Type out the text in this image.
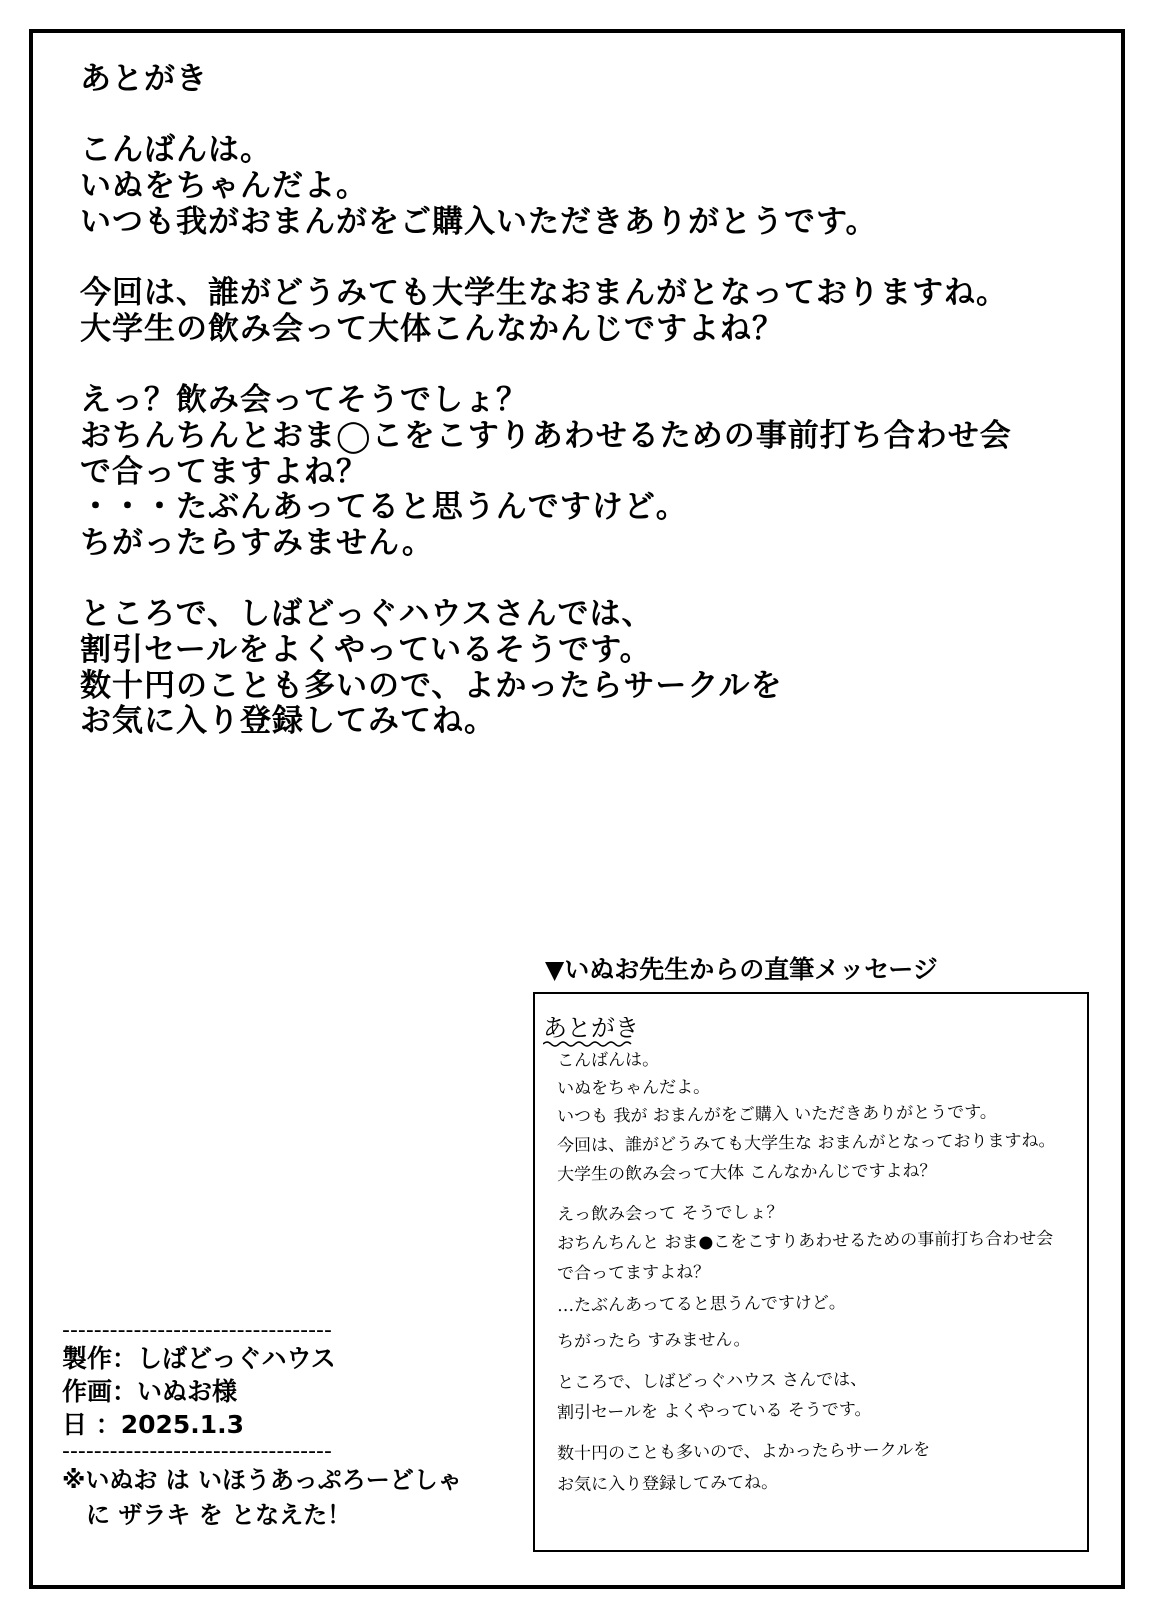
あとがき
こんばんは。
いぬをちゃんだよ。
いつも我がおまんがをご購入いただきありがとうです。
今回は、誰がどうみても大学生なおまんがとなっておりますね。
大学生の飲み会って大体こんなかんじですよね？
えっ？飲み会ってそうでしょ？
おちんちんとおま◯こをこすりあわせるための事前打ち合わせ会
で合ってますよね？
・・・たぶんあってると思うんですけど。
ちがったらすみません。
ところで、しばどっぐハウスさんでは、
割引セールをよくやっているそうです。
数十円のことも多いので、よかったらサークルを
お気に入り登録してみてね。
▼いぬお先生からの直筆メッセージ
あとがき
こんばんは。
いぬをちゃんだよ。
いつも 我が おまんがをご購入 いただきありがとうです。
今回は、誰がどうみても大学生な おまんがとなっておりますね。
大学生の飲み会って大体 こんなかんじですよね？
えっ飲み会って そうでしょ？
おちんちんと おま●こをこすりあわせるための事前打ち合わせ会
で合ってますよね？
…たぶんあってると思うんですけど。
ちがったら すみません。
ところで、しばどっぐハウス さんでは、
割引セールを よくやっている そうです。
数十円のことも多いので、よかったらサークルを
お気に入り登録してみてね。
----------------------------------
製作：しばどっぐハウス
作画：いぬお様
日 ：2025.1.3
----------------------------------
※いぬお は いほうあっぷろーどしゃ
　に ザラキ を となえた！
